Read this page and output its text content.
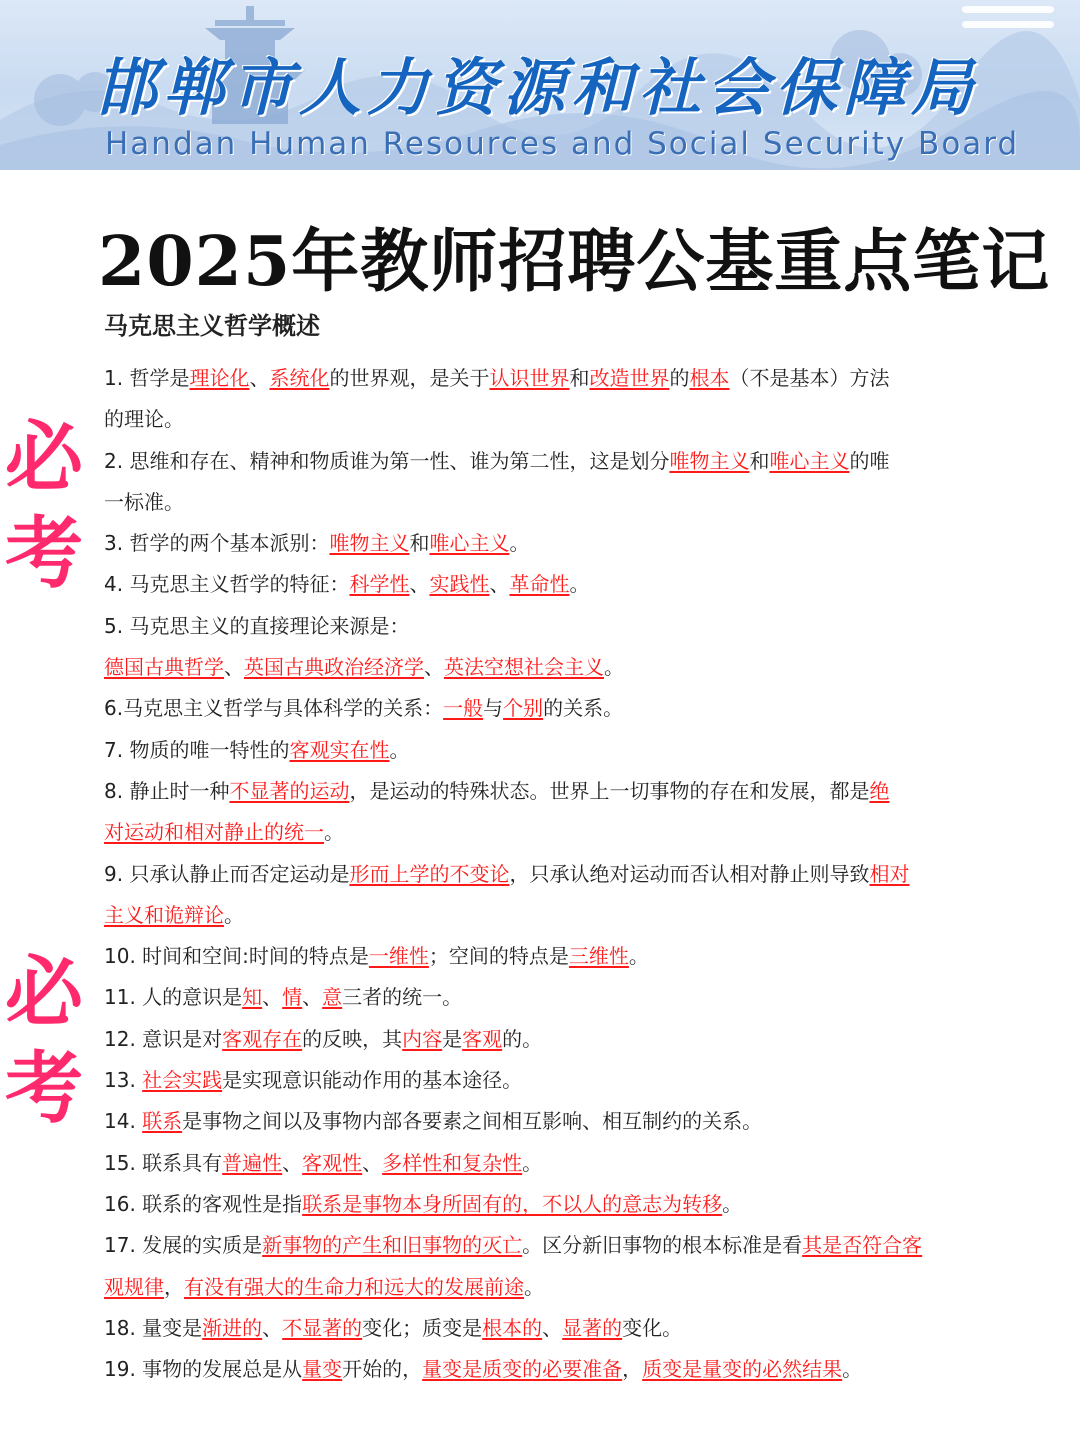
邯郸市人力资源和社会保障局
Handan Human Resources and Social Security Board
2025年教师招聘公基重点笔记
马克思主义哲学概述
必考
必考
1. 哲学是理论化、系统化的世界观，是关于认识世界和改造世界的根本（不是基本）方法
的理论。
2. 思维和存在、精神和物质谁为第一性、谁为第二性，这是划分唯物主义和唯心主义的唯
一标准。
3. 哲学的两个基本派别：唯物主义和唯心主义。
4. 马克思主义哲学的特征：科学性、实践性、革命性。
5. 马克思主义的直接理论来源是：
德国古典哲学、英国古典政治经济学、英法空想社会主义。
6.马克思主义哲学与具体科学的关系：一般与个别的关系。
7. 物质的唯一特性的客观实在性。
8. 静止时一种不显著的运动，是运动的特殊状态。世界上一切事物的存在和发展，都是绝
对运动和相对静止的统一。
9. 只承认静止而否定运动是形而上学的不变论，只承认绝对运动而否认相对静止则导致相对
主义和诡辩论。
10. 时间和空间:时间的特点是一维性；空间的特点是三维性。
11. 人的意识是知、情、意三者的统一。
12. 意识是对客观存在的反映，其内容是客观的。
13. 社会实践是实现意识能动作用的基本途径。
14. 联系是事物之间以及事物内部各要素之间相互影响、相互制约的关系。
15. 联系具有普遍性、客观性、多样性和复杂性。
16. 联系的客观性是指联系是事物本身所固有的，不以人的意志为转移。
17. 发展的实质是新事物的产生和旧事物的灭亡。区分新旧事物的根本标准是看其是否符合客
观规律，有没有强大的生命力和远大的发展前途。
18. 量变是渐进的、不显著的变化；质变是根本的、显著的变化。
19. 事物的发展总是从量变开始的，量变是质变的必要准备，质变是量变的必然结果。
